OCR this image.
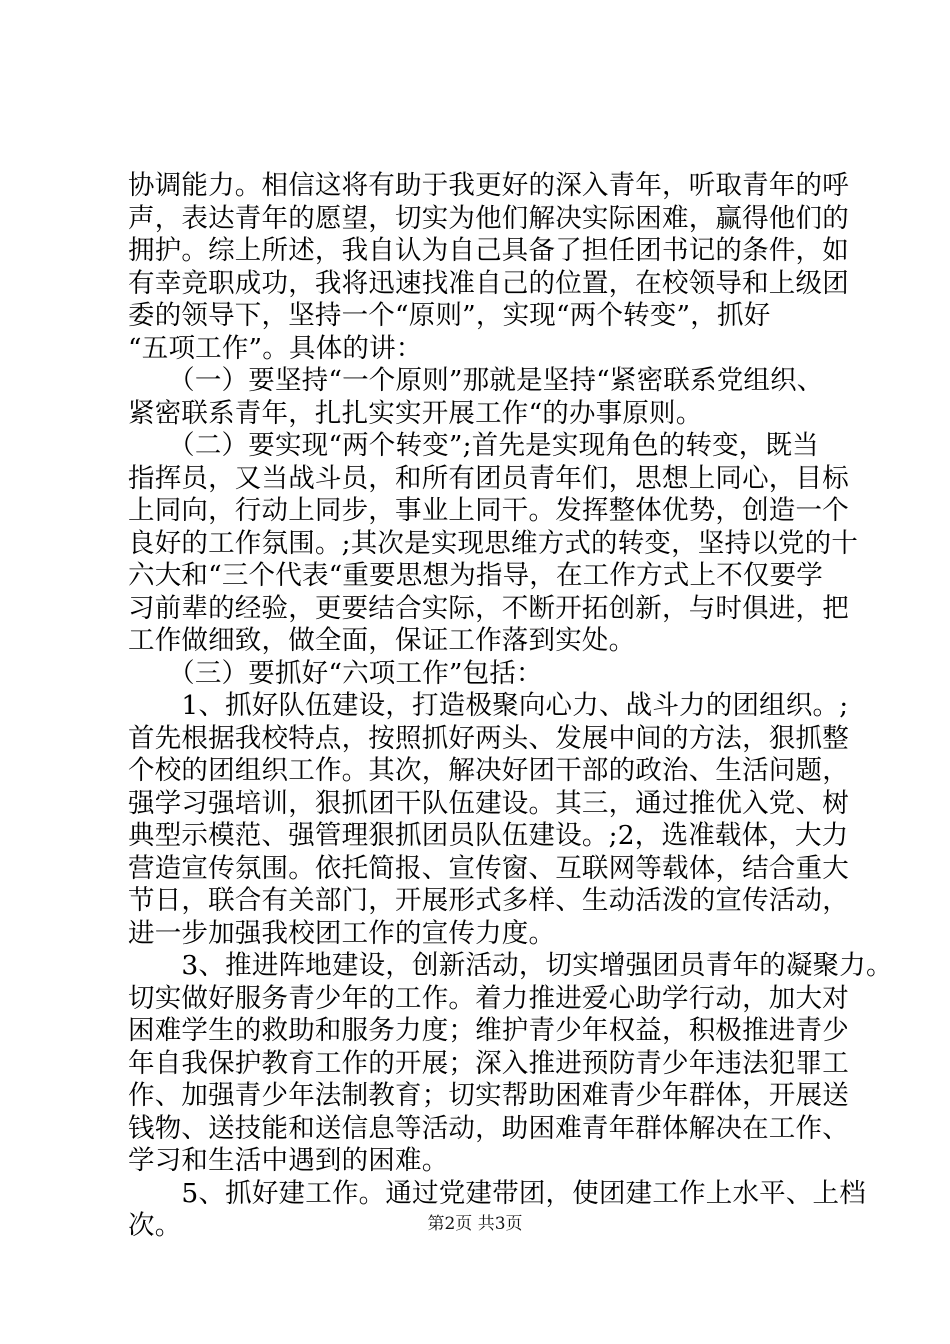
协调能力。相信这将有助于我更好的深入青年，听取青年的呼
声，表达青年的愿望，切实为他们解决实际困难，赢得他们的
拥护。综上所述，我自认为自己具备了担任团书记的条件，如
有幸竞职成功，我将迅速找准自己的位置，在校领导和上级团
委的领导下，坚持一个“原则”，实现“两个转变”，抓好
“五项工作”。具体的讲：
　　（一）要坚持“一个原则”那就是坚持“紧密联系党组织、
紧密联系青年，扎扎实实开展工作“的办事原则。
　　（二）要实现“两个转变”;首先是实现角色的转变，既当
指挥员，又当战斗员，和所有团员青年们，思想上同心，目标
上同向，行动上同步，事业上同干。发挥整体优势，创造一个
良好的工作氛围。;其次是实现思维方式的转变，坚持以党的十
六大和“三个代表“重要思想为指导，在工作方式上不仅要学
习前辈的经验，更要结合实际，不断开拓创新，与时俱进，把
工作做细致，做全面，保证工作落到实处。
　　（三）要抓好“六项工作”包括：
　　1、抓好队伍建设，打造极聚向心力、战斗力的团组织。;
首先根据我校特点，按照抓好两头、发展中间的方法，狠抓整
个校的团组织工作。其次，解决好团干部的政治、生活问题，
强学习强培训，狠抓团干队伍建设。其三，通过推优入党、树
典型示模范、强管理狠抓团员队伍建设。;2，选准载体，大力
营造宣传氛围。依托简报、宣传窗、互联网等载体，结合重大
节日，联合有关部门，开展形式多样、生动活泼的宣传活动，
进一步加强我校团工作的宣传力度。
　　3、推进阵地建设，创新活动，切实增强团员青年的凝聚力。
切实做好服务青少年的工作。着力推进爱心助学行动，加大对
困难学生的救助和服务力度；维护青少年权益，积极推进青少
年自我保护教育工作的开展；深入推进预防青少年违法犯罪工
作、加强青少年法制教育；切实帮助困难青少年群体，开展送
钱物、送技能和送信息等活动，助困难青年群体解决在工作、
学习和生活中遇到的困难。
　　5、抓好建工作。通过党建带团，使团建工作上水平、上档
次。	第2页 共3页
